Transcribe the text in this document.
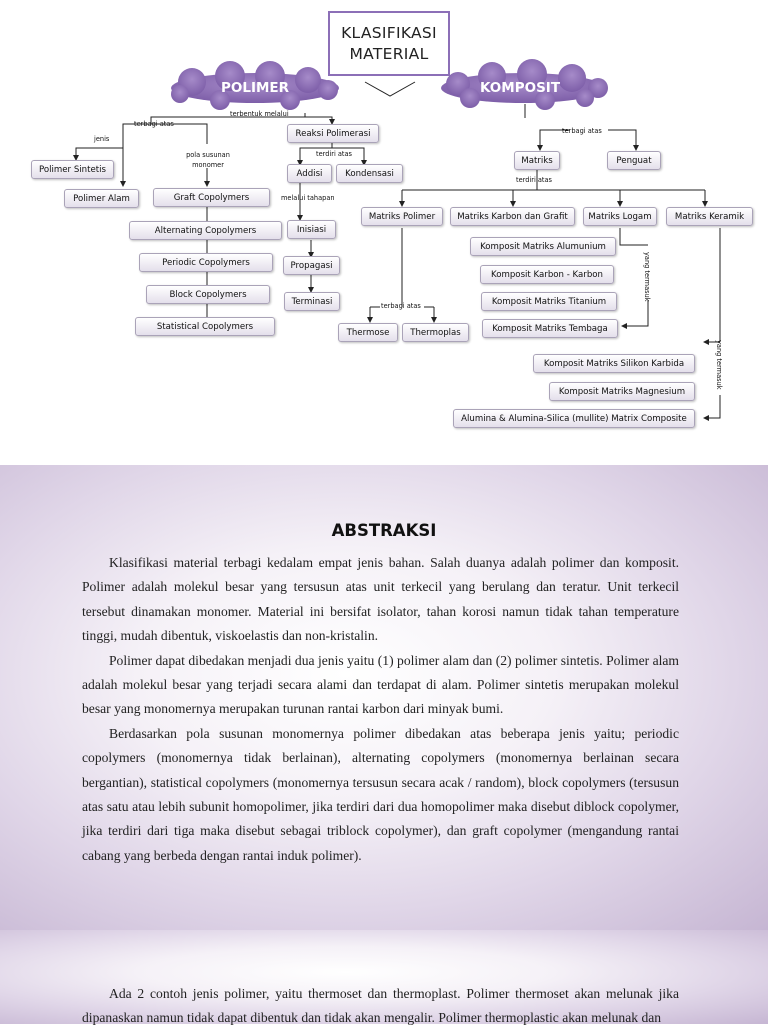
KLASIFIKASI
MATERIAL
POLIMER	KOMPOSIT
terbentuk melalui
terbagi atas
jenis
pola susunan monomer
terdiri atas
melalui tahapan
terbagi atas
terdiri atas
terbagi atas
yang termasuk
yang termasuk
Polimer Sintetis
Polimer Alam	Graft Copolymers
Alternating Copolymers
Periodic Copolymers
Block Copolymers
Statistical Copolymers
Reaksi Polimerasi
Addisi	Kondensasi
Inisiasi
Propagasi
Terminasi
Matriks	Penguat
Matriks Polimer	Matriks Karbon dan Grafit	Matriks Logam	Matriks Keramik
Thermose	Thermoplas
Komposit Matriks Alumunium
Komposit Karbon - Karbon
Komposit Matriks Titanium
Komposit Matriks Tembaga
Komposit Matriks Silikon Karbida
Komposit Matriks Magnesium
Alumina & Alumina-Silica (mullite) Matrix Composite
ABSTRAKSI

Klasifikasi material terbagi kedalam empat jenis bahan. Salah duanya adalah polimer dan komposit. Polimer adalah molekul besar yang tersusun atas unit terkecil yang berulang dan teratur. Unit terkecil tersebut dinamakan monomer. Material ini bersifat isolator, tahan korosi namun tidak tahan temperature tinggi, mudah dibentuk, viskoelastis dan non-kristalin.

Polimer dapat dibedakan menjadi dua jenis yaitu (1) polimer alam dan (2) polimer sintetis. Polimer alam adalah molekul besar yang terjadi secara alami dan terdapat di alam. Polimer sintetis merupakan molekul besar yang monomernya merupakan turunan rantai karbon dari minyak bumi.

Berdasarkan pola susunan monomernya polimer dibedakan atas beberapa jenis yaitu; periodic copolymers (monomernya tidak berlainan), alternating copolymers (monomernya berlainan secara bergantian), statistical copolymers (monomernya tersusun secara acak / random), block copolymers (tersusun atas satu atau lebih subunit homopolimer, jika terdiri dari dua homopolimer maka disebut diblock copolymer, jika terdiri dari tiga maka disebut sebagai triblock copolymer), dan graft copolymer (mengandung rantai cabang yang berbeda dengan rantai induk polimer).

Ada 2 contoh jenis polimer, yaitu thermoset dan thermoplast. Polimer thermoset akan melunak jika dipanaskan namun tidak dapat dibentuk dan tidak akan mengalir. Polimer thermoplastic akan melunak dan
